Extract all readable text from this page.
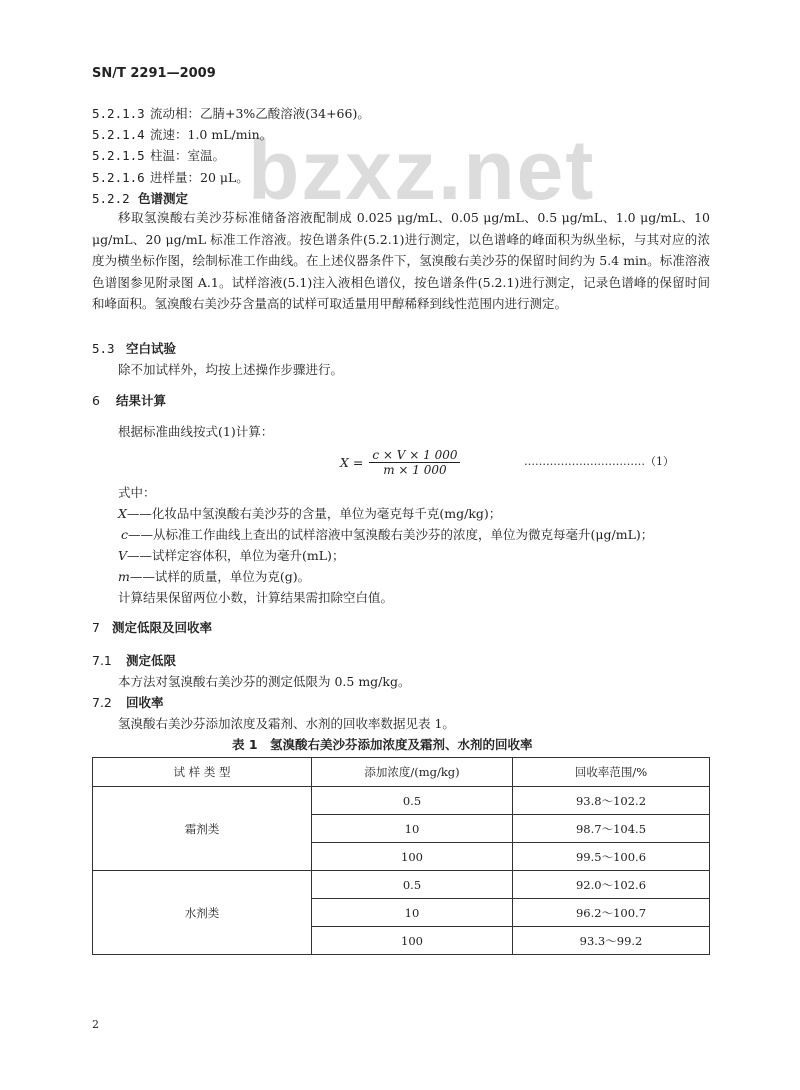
bzxz.net
SN/T 2291—2009
5.2.1.3 流动相：乙腈+3%乙酸溶液(34+66)。
5.2.1.4 流速：1.0 mL/min。
5.2.1.5 柱温：室温。
5.2.1.6 进样量：20 μL。
5.2.2 色谱测定
移取氢溴酸右美沙芬标准储备溶液配制成 0.025 μg/mL、0.05 μg/mL、0.5 μg/mL、1.0 μg/mL、10 μg/mL、20 μg/mL 标准工作溶液。按色谱条件(5.2.1)进行测定，以色谱峰的峰面积为纵坐标，与其对应的浓度为横坐标作图，绘制标准工作曲线。在上述仪器条件下，氢溴酸右美沙芬的保留时间约为 5.4 min。标准溶液色谱图参见附录图 A.1。试样溶液(5.1)注入液相色谱仪，按色谱条件(5.2.1)进行测定，记录色谱峰的保留时间和峰面积。氢溴酸右美沙芬含量高的试样可取适量用甲醇稀释到线性范围内进行测定。
5.3 空白试验
除不加试样外，均按上述操作步骤进行。
6 结果计算
根据标准曲线按式(1)计算：
$X = \frac{c \times V \times 1 000}{m \times 1 000}$	……………………………（1）
式中：
X——化妆品中氢溴酸右美沙芬的含量，单位为毫克每千克(mg/kg)；
c——从标准工作曲线上查出的试样溶液中氢溴酸右美沙芬的浓度，单位为微克每毫升(μg/mL)；
V——试样定容体积，单位为毫升(mL)；
m——试样的质量，单位为克(g)。
计算结果保留两位小数，计算结果需扣除空白值。
7 测定低限及回收率
7.1 测定低限
本方法对氢溴酸右美沙芬的测定低限为 0.5 mg/kg。
7.2 回收率
氢溴酸右美沙芬添加浓度及霜剂、水剂的回收率数据见表 1。
表 1　氢溴酸右美沙芬添加浓度及霜剂、水剂的回收率
试 样 类 型	添加浓度/(mg/kg)	回收率范围/%
霜剂类	0.5	93.8～102.2
	10	98.7～104.5
	100	99.5～100.6
水剂类	0.5	92.0～102.6
	10	96.2～100.7
	100	93.3～99.2
2
